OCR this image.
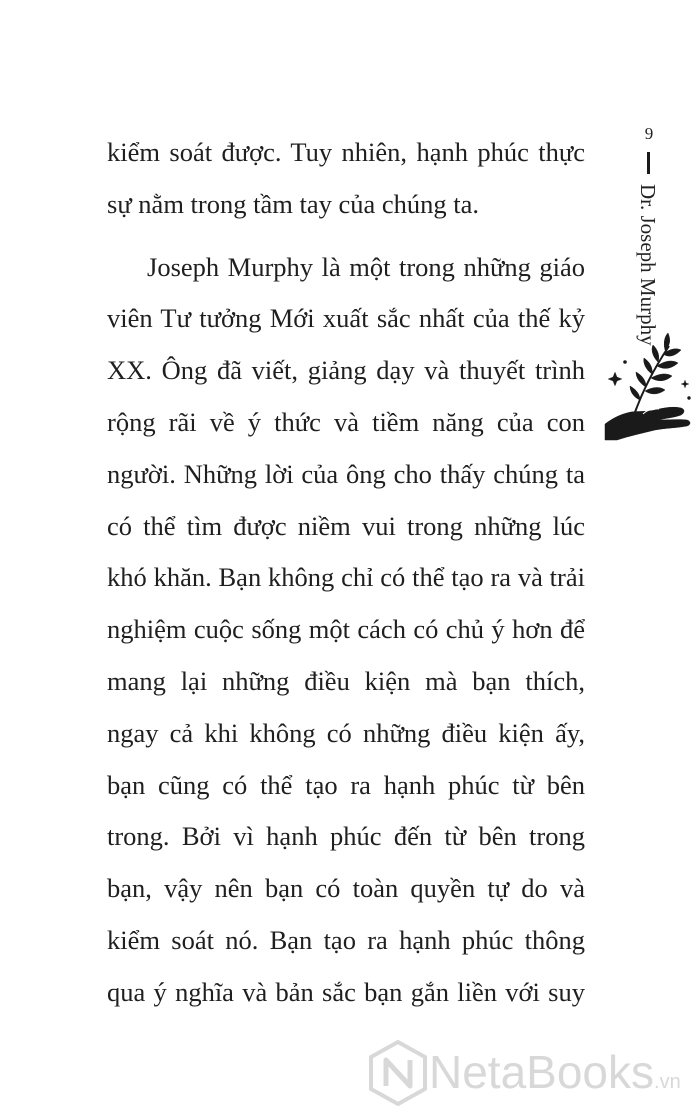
kiểm soát được. Tuy nhiên, hạnh phúc thực sự nằm trong tầm tay của chúng ta.

Joseph Murphy là một trong những giáo viên Tư tưởng Mới xuất sắc nhất của thế kỷ XX. Ông đã viết, giảng dạy và thuyết trình rộng rãi về ý thức và tiềm năng của con người. Những lời của ông cho thấy chúng ta có thể tìm được niềm vui trong những lúc khó khăn. Bạn không chỉ có thể tạo ra và trải nghiệm cuộc sống một cách có chủ ý hơn để mang lại những điều kiện mà bạn thích, ngay cả khi không có những điều kiện ấy, bạn cũng có thể tạo ra hạnh phúc từ bên trong. Bởi vì hạnh phúc đến từ bên trong bạn, vậy nên bạn có toàn quyền tự do và kiểm soát nó. Bạn tạo ra hạnh phúc thông qua ý nghĩa và bản sắc bạn gắn liền với suy

9
Dr. Joseph Murphy
NetaBooks.vn
